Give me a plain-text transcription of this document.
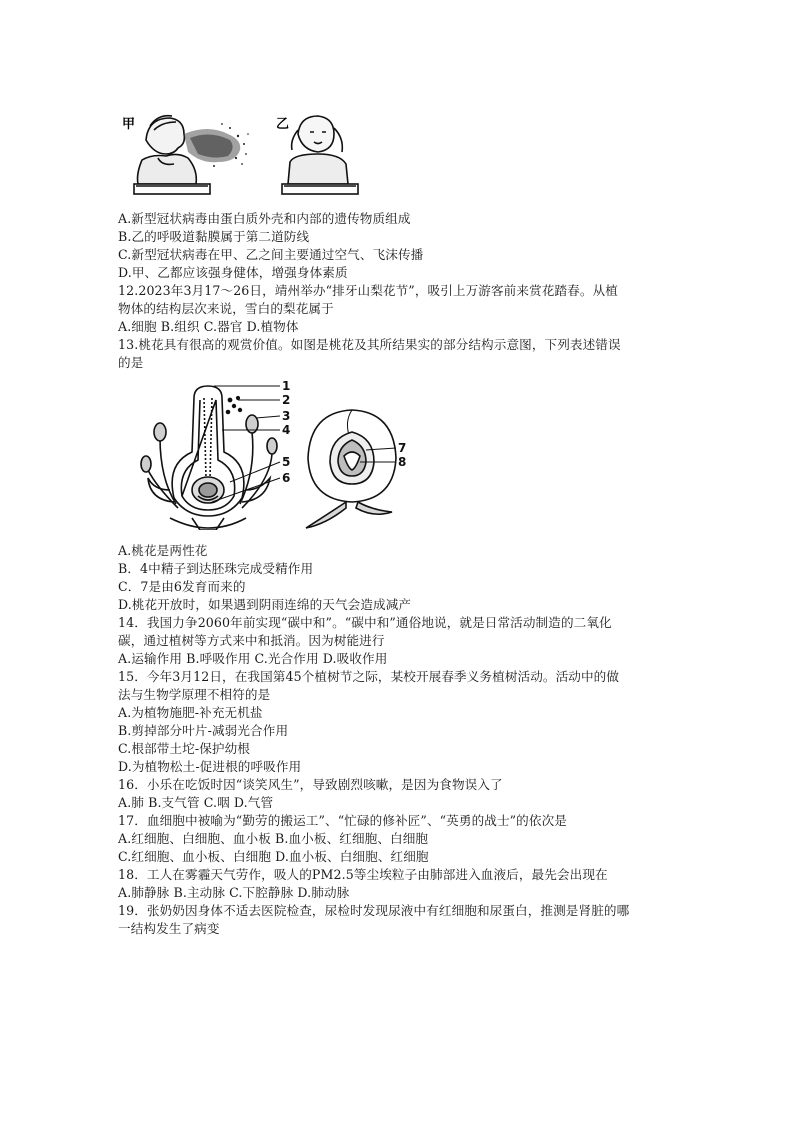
甲	乙
A.新型冠状病毒由蛋白质外壳和内部的遗传物质组成
B.乙的呼吸道黏膜属于第二道防线
C.新型冠状病毒在甲、乙之间主要通过空气、飞沫传播
D.甲、乙都应该强身健体，增强身体素质
12.2023年3月17～26日，靖州举办“排牙山梨花节”，吸引上万游客前来赏花踏春。从植
物体的结构层次来说，雪白的梨花属于
A.细胞 B.组织 C.器官 D.植物体
13.桃花具有很高的观赏价值。如图是桃花及其所结果实的部分结构示意图，下列表述错误
的是
1
2
3
4
5
6
7
8
A.桃花是两性花
B．4中精子到达胚珠完成受精作用
C．7是由6发育而来的
D.桃花开放时，如果遇到阴雨连绵的天气会造成减产
14．我国力争2060年前实现“碳中和”。“碳中和”通俗地说，就是日常活动制造的二氧化
碳，通过植树等方式来中和抵消。因为树能进行
A.运输作用 B.呼吸作用 C.光合作用 D.吸收作用
15．今年3月12日，在我国第45个植树节之际，某校开展春季义务植树活动。活动中的做
法与生物学原理不相符的是
A.为植物施肥-补充无机盐
B.剪掉部分叶片-减弱光合作用
C.根部带土坨-保护幼根
D.为植物松土-促进根的呼吸作用
16．小乐在吃饭时因“谈笑风生”，导致剧烈咳嗽，是因为食物误入了
A.肺 B.支气管 C.咽 D.气管
17．血细胞中被喻为“勤劳的搬运工”、“忙碌的修补匠”、“英勇的战士”的依次是
A.红细胞、白细胞、血小板 B.血小板、红细胞、白细胞
C.红细胞、血小板、白细胞 D.血小板、白细胞、红细胞
18．工人在雾霾天气劳作，吸人的PM2.5等尘埃粒子由肺部进入血液后，最先会出现在
A.肺静脉 B.主动脉 C.下腔静脉 D.肺动脉
19．张奶奶因身体不适去医院检查，尿检时发现尿液中有红细胞和尿蛋白，推测是肾脏的哪
一结构发生了病变
